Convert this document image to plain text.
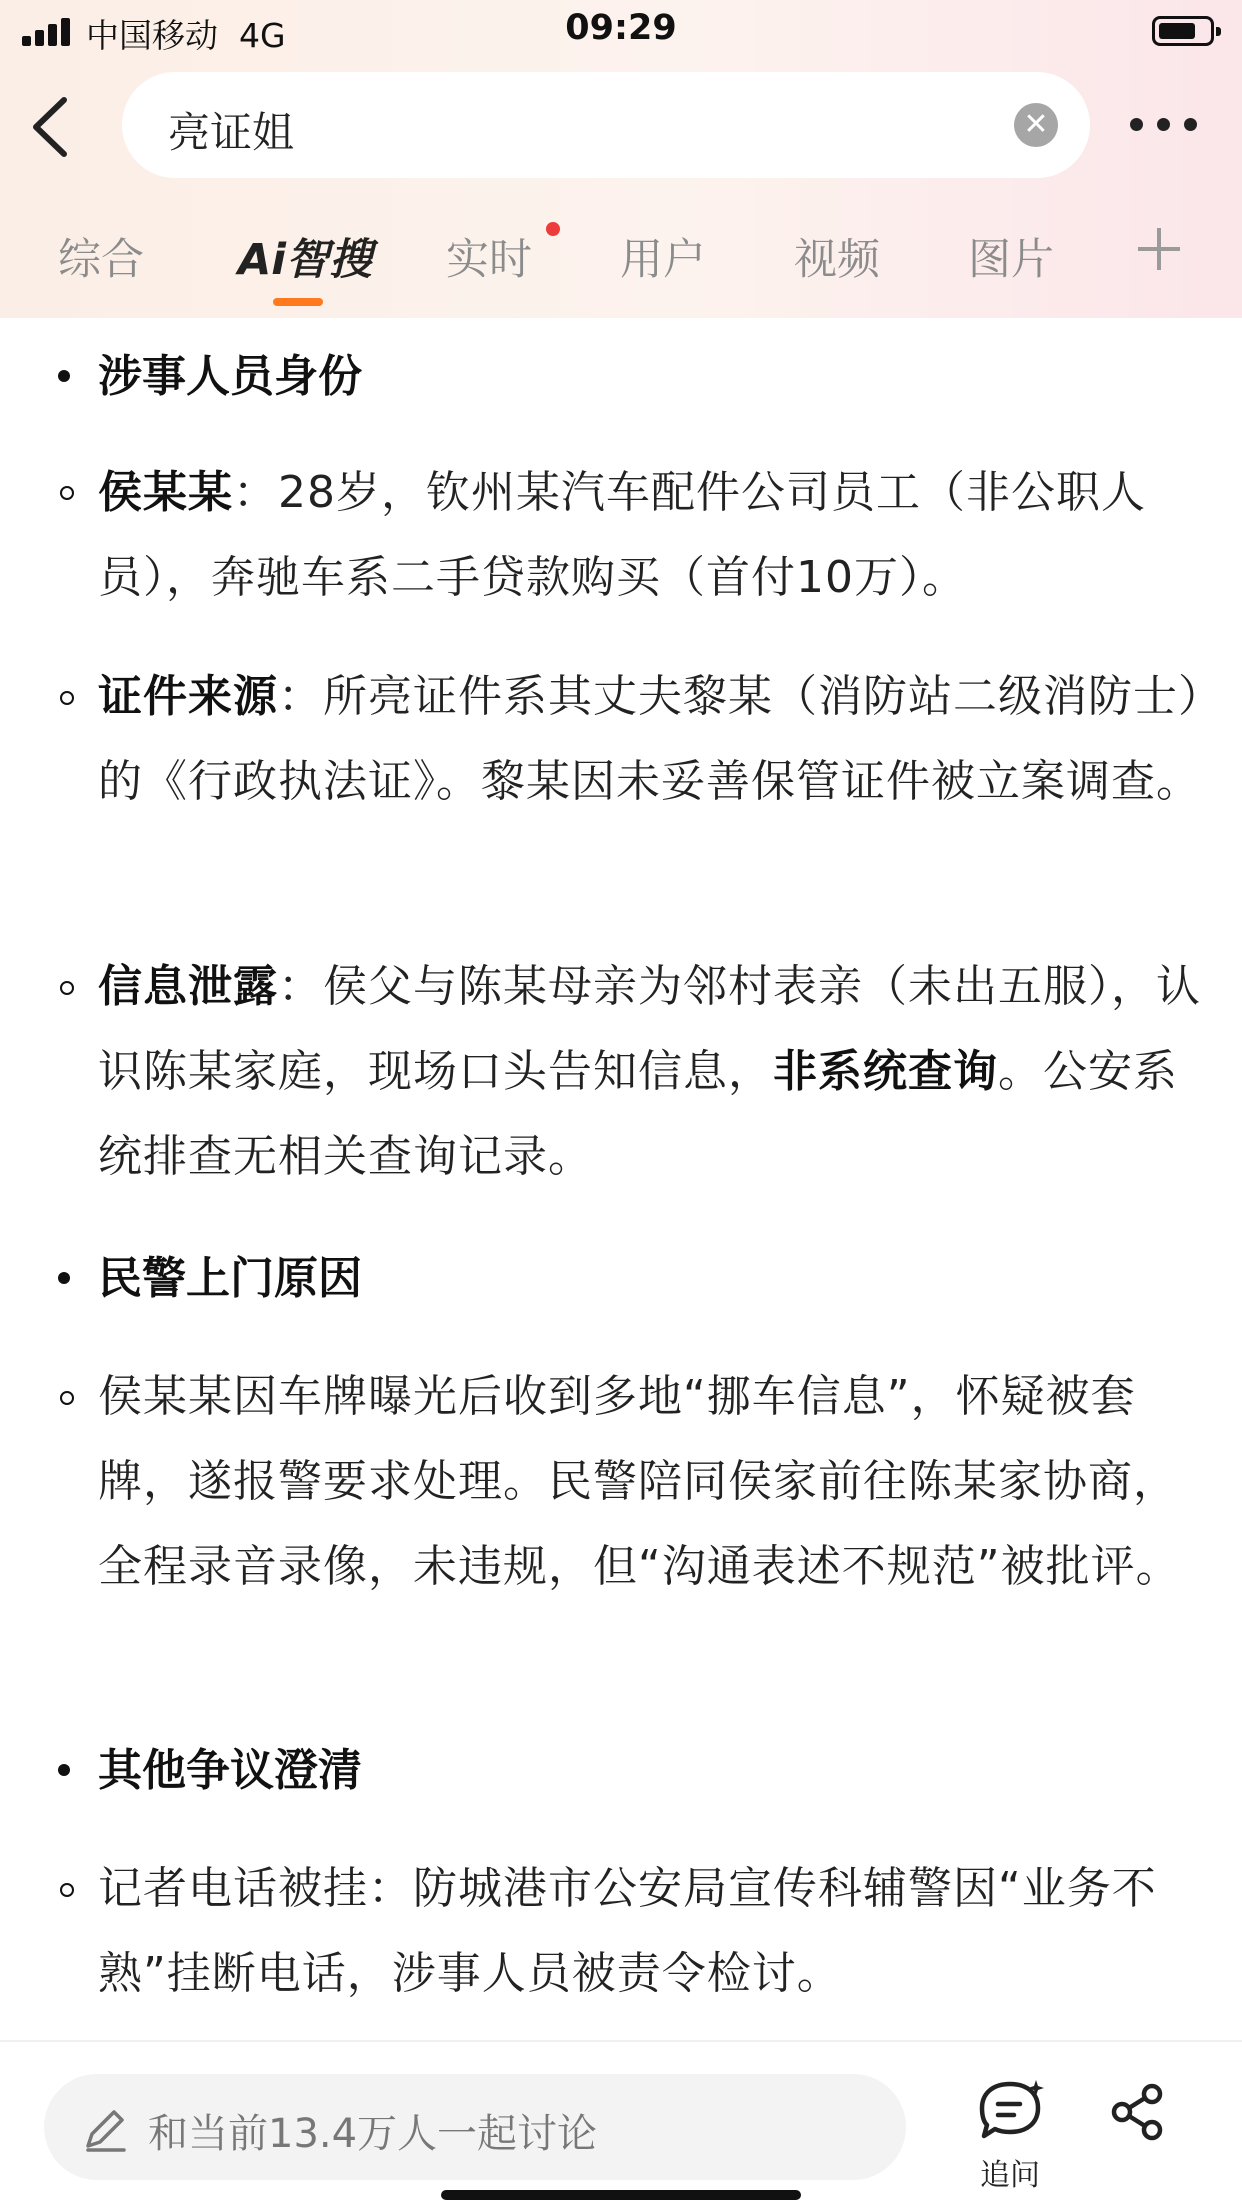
中国移动 4G	09:29
亮证姐	✕
综合 Ai智搜 实时 用户 视频 图片
涉事人员身份
侯某某：28岁，钦州某汽车配件公司员工（非公职人员），奔驰车系二手贷款购买（首付10万）。
证件来源：所亮证件系其丈夫黎某（消防站二级消防士）的《行政执法证》。黎某因未妥善保管证件被立案调查。
信息泄露：侯父与陈某母亲为邻村表亲（未出五服），认识陈某家庭，现场口头告知信息，非系统查询。公安系统排查无相关查询记录。
民警上门原因
侯某某因车牌曝光后收到多地“挪车信息”，怀疑被套牌，遂报警要求处理。民警陪同侯家前往陈某家协商，全程录音录像，未违规，但“沟通表述不规范”被批评。
其他争议澄清
记者电话被挂：防城港市公安局宣传科辅警因“业务不熟”挂断电话，涉事人员被责令检讨。
和当前13.4万人一起讨论
追问
